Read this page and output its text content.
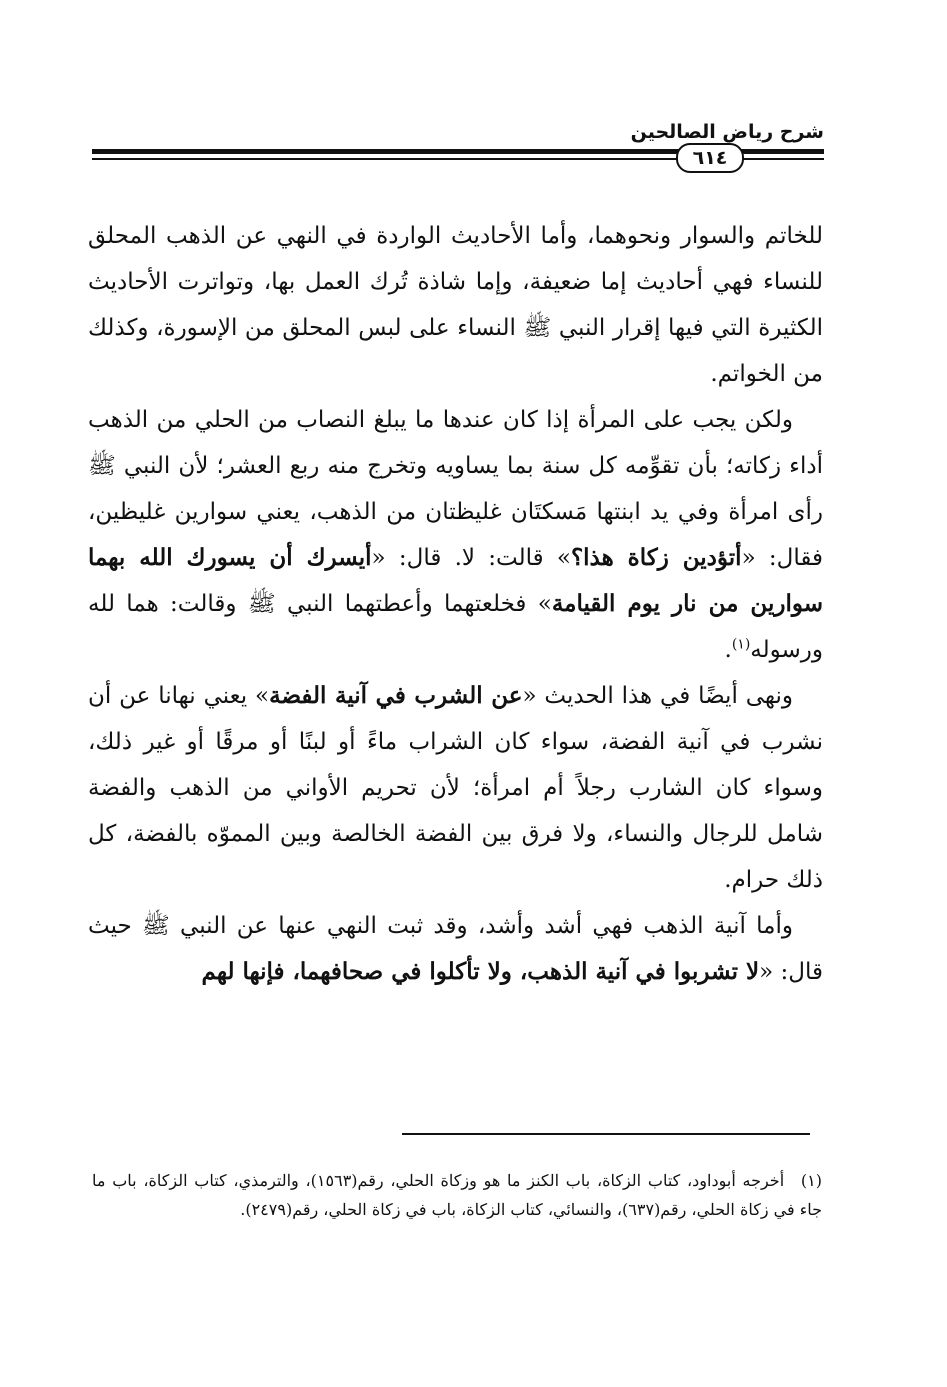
شرح رياض الصالحين
٦١٤

للخاتم والسوار ونحوهما، وأما الأحاديث الواردة في النهي عن الذهب المحلق للنساء فهي أحاديث إما ضعيفة، وإما شاذة تُرك العمل بها، وتواترت الأحاديث الكثيرة التي فيها إقرار النبي ﷺ النساء على لبس المحلق من الإسورة، وكذلك من الخواتم.

ولكن يجب على المرأة إذا كان عندها ما يبلغ النصاب من الحلي من الذهب أداء زكاته؛ بأن تقوِّمه كل سنة بما يساويه وتخرج منه ربع العشر؛ لأن النبي ﷺ رأى امرأة وفي يد ابنتها مَسكتَان غليظتان من الذهب، يعني سوارين غليظين، فقال: «أتؤدين زكاة هذا؟» قالت: لا. قال: «أيسرك أن يسورك الله بهما سوارين من نار يوم القيامة» فخلعتهما وأعطتهما النبي ﷺ وقالت: هما لله ورسوله$^{(١)}$.

ونهى أيضًا في هذا الحديث «عن الشرب في آنية الفضة» يعني نهانا عن أن نشرب في آنية الفضة، سواء كان الشراب ماءً أو لبنًا أو مرقًا أو غير ذلك، وسواء كان الشارب رجلاً أم امرأة؛ لأن تحريم الأواني من الذهب والفضة شامل للرجال والنساء، ولا فرق بين الفضة الخالصة وبين المموّه بالفضة، كل ذلك حرام.

وأما آنية الذهب فهي أشد وأشد، وقد ثبت النهي عنها عن النبي ﷺ حيث قال: «لا تشربوا في آنية الذهب، ولا تأكلوا في صحافهما، فإنها لهم

(١) أخرجه أبوداود، كتاب الزكاة، باب الكنز ما هو وزكاة الحلي، رقم(١٥٦٣)، والترمذي، كتاب الزكاة، باب ما جاء في زكاة الحلي، رقم(٦٣٧)، والنسائي، كتاب الزكاة، باب في زكاة الحلي، رقم(٢٤٧٩).
